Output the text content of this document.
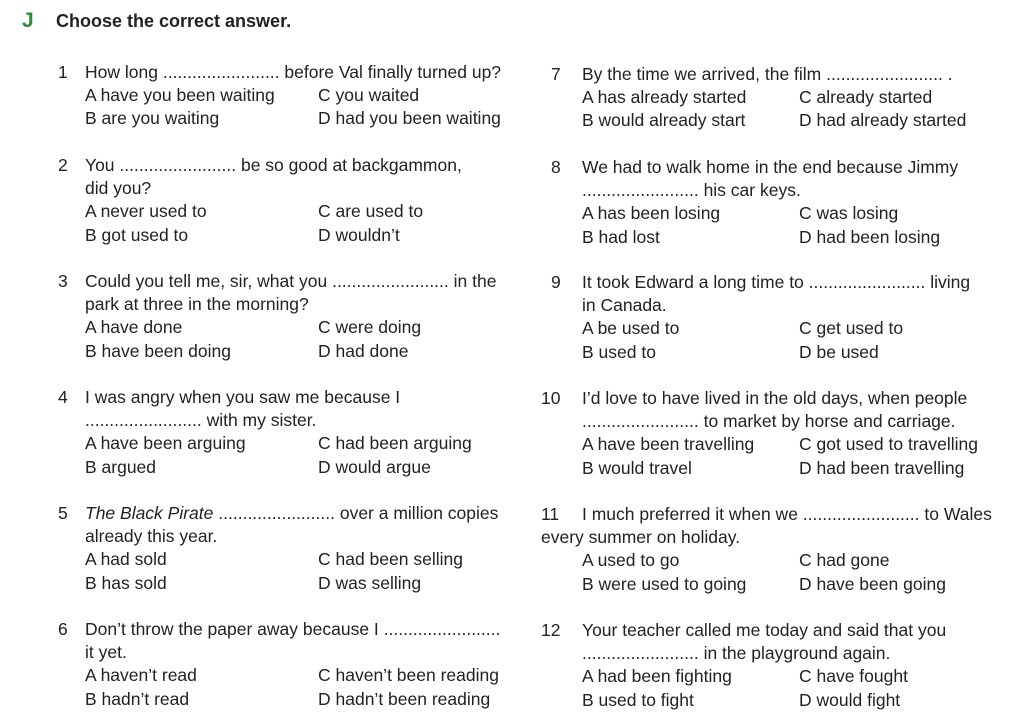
J Choose the correct answer.
1 How long ........................ before Val finally turned up?
A have you been waiting C you waited
B are you waiting	D had you been waiting
2 You ........................ be so good at backgammon,
did you?
A never used to	C are used to
B got used to	D wouldn’t
3 Could you tell me, sir, what you ........................ in the
park at three in the morning?
A have done	C were doing
B have been doing	D had done
4 I was angry when you saw me because I
........................ with my sister.
A have been arguing	C had been arguing
B argued	D would argue
5 The Black Pirate ........................ over a million copies
already this year.
A had sold	C had been selling
B has sold	D was selling
6 Don’t throw the paper away because I ........................
it yet.
A haven’t read	C haven’t been reading
B hadn’t read	D hadn’t been reading
7 By the time we arrived, the film ........................ .
A has already started	C already started
B would already start	D had already started
8 We had to walk home in the end because Jimmy
........................ his car keys.
A has been losing	C was losing
B had lost	D had been losing
9 It took Edward a long time to ........................ living
in Canada.
A be used to	C get used to
B used to	D be used
10 I’d love to have lived in the old days, when people
........................ to market by horse and carriage.
A have been travelling	C got used to travelling
B would travel	D had been travelling
11 I much preferred it when we ........................ to Wales
every summer on holiday.
A used to go	C had gone
B were used to going	D have been going
12 Your teacher called me today and said that you
........................ in the playground again.
A had been fighting	C have fought
B used to fight	D would fight
